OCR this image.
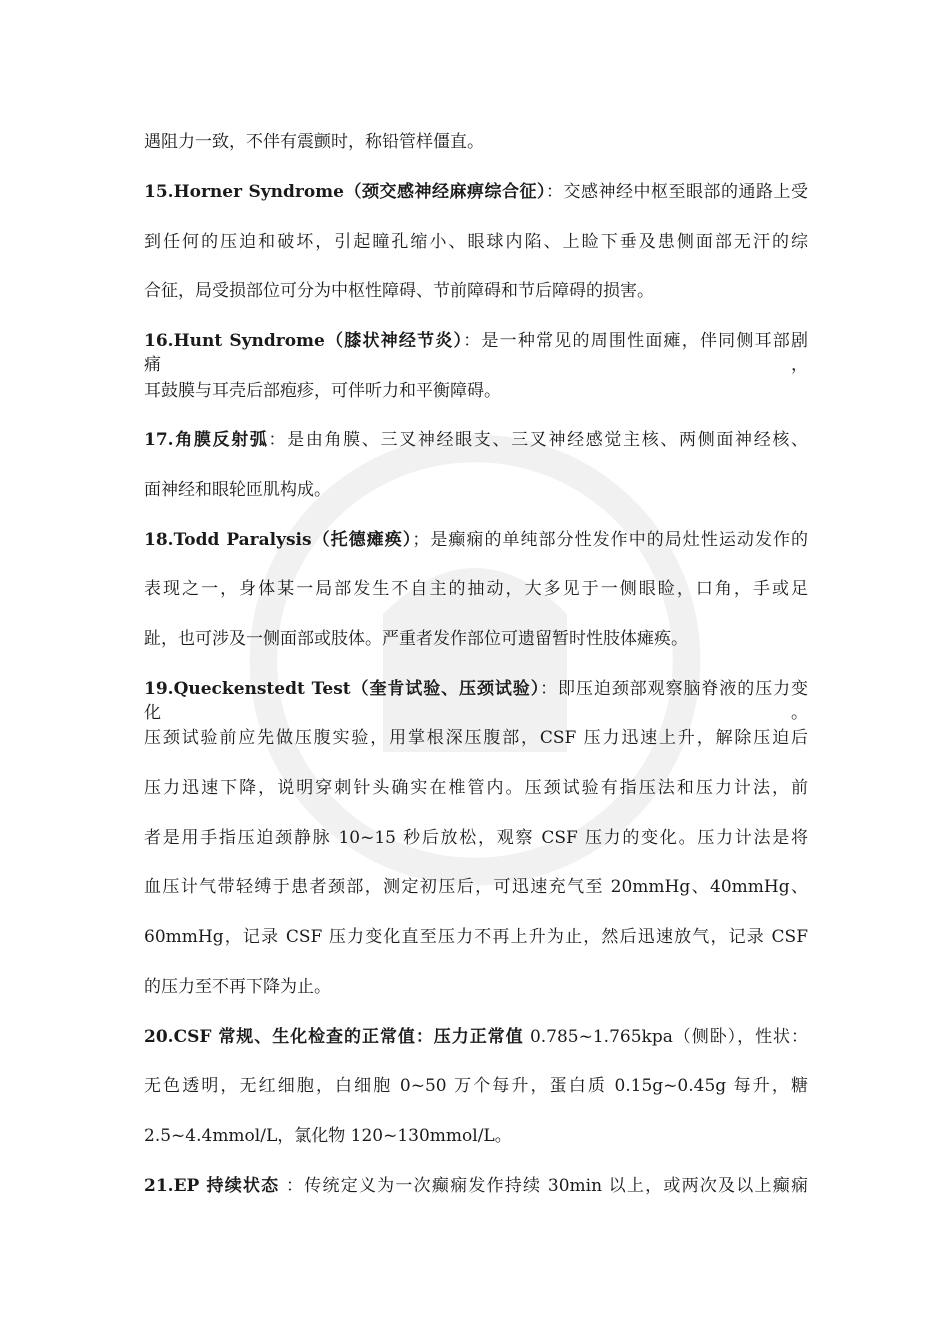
遇阻力一致，不伴有震颤时，称铅管样僵直。
15.Horner Syndrome（颈交感神经麻痹综合征）：交感神经中枢至眼部的通路上受
到任何的压迫和破坏，引起瞳孔缩小、眼球内陷、上睑下垂及患侧面部无汗的综
合征，局受损部位可分为中枢性障碍、节前障碍和节后障碍的损害。
16.Hunt Syndrome（膝状神经节炎）：是一种常见的周围性面瘫，伴同侧耳部剧痛，
耳鼓膜与耳壳后部疱疹，可伴听力和平衡障碍。
17.角膜反射弧：是由角膜、三叉神经眼支、三叉神经感觉主核、两侧面神经核、
面神经和眼轮匝肌构成。
18.Todd Paralysis（托德瘫痪）；是癫痫的单纯部分性发作中的局灶性运动发作的
表现之一，身体某一局部发生不自主的抽动，大多见于一侧眼睑，口角，手或足
趾，也可涉及一侧面部或肢体。严重者发作部位可遗留暂时性肢体瘫痪。
19.Queckenstedt Test（奎肯试验、压颈试验）：即压迫颈部观察脑脊液的压力变化。
压颈试验前应先做压腹实验，用掌根深压腹部，CSF 压力迅速上升，解除压迫后
压力迅速下降，说明穿刺针头确实在椎管内。压颈试验有指压法和压力计法，前
者是用手指压迫颈静脉 10~15 秒后放松，观察 CSF 压力的变化。压力计法是将
血压计气带轻缚于患者颈部，测定初压后，可迅速充气至 20mmHg、40mmHg、
60mmHg，记录 CSF 压力变化直至压力不再上升为止，然后迅速放气，记录 CSF
的压力至不再下降为止。
20.CSF 常规、生化检查的正常值：压力正常值 0.785~1.765kpa（侧卧），性状：
无色透明，无红细胞，白细胞 0~50 万个每升，蛋白质 0.15g~0.45g 每升，糖
2.5~4.4mmol/L，氯化物 120~130mmol/L。
21.EP 持续状态 ：传统定义为一次癫痫发作持续 30min 以上，或两次及以上癫痫
